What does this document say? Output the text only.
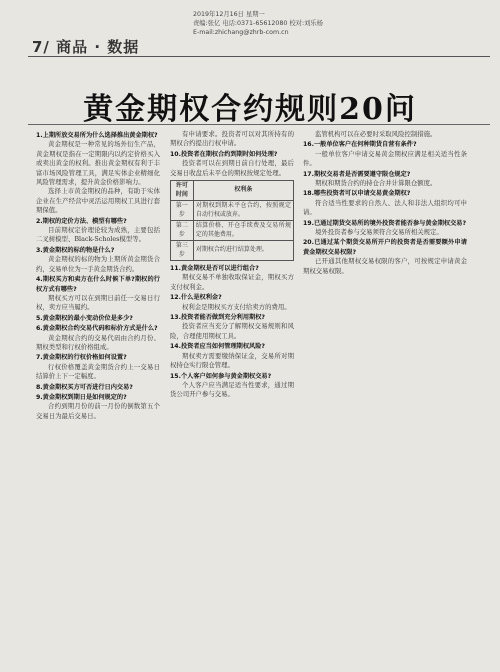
7/ 商品 · 数据
2019年12月16日 星期一
责编:张亿 电话:0371-65612080 校对:刘乐杨
E-mail:zhichang@zhrb-com.cn
黄金期权合约规则20问

1.上期所放交易所为什么选择推出黄金期权?

黄金期权是一种常见的场外衍生产品，黄金期权是指在一定期限内以约定价格买入或卖出黄金的权利。推出黄金期权有利于丰富市场风险管理工具，满足实体企业精细化风险管理需求，提升黄金价格影响力。

选择上市黄金期权的品种，有助于实体企业在生产经营中灵活运用期权工具进行套期保值。

2.期权的定价方法、模型有哪些?

目前期权定价理论较为成熟，主要包括二叉树模型、Black-Scholes模型等。

3.黄金期权的标的物是什么?

黄金期权的标的物为上期所黄金期货合约，交易单位为一手黄金期货合约。

4.期权买方和卖方在什么时候下单?期权的行权方式有哪些?

期权买方可以在到期日前任一交易日行权，卖方应当履约。

5.黄金期权的最小变动价位是多少?

6.黄金期权合约交易代码和标价方式是什么?

黄金期权合约的交易代码由合约月份、期权类型和行权价格组成。

7.黄金期权的行权价格如何设置?

行权价格覆盖黄金期货合约上一交易日结算价上下一定幅度。

8.黄金期权买方可否进行日内交易?

9.黄金期权到期日是如何规定的?

合约到期月份的前一月份的倒数第五个交易日为最后交易日。

有申请要求。投资者可以对其所持有的期权合约提出行权申请。

10.投资者在期权合约到期时如何处理?

投资者可以在到期日前自行处理，最后交易日收盘后未平仓的期权按规定处理。

许可时间	权利条
第一步	对期权到期未平仓合约，按照规定自动行权或放弃。
第二步	结算价格、开仓手续费及交易所规定的其他费用。
第三步	对期权合约进行结算处理。

11.黄金期权是否可以进行组合?

期权交易不单独收取保证金，期权买方支付权利金。

12.什么是权利金?

权利金是期权买方支付给卖方的费用。

13.投资者能否做到充分利用期权?

投资者应当充分了解期权交易规则和风险，合理使用期权工具。

14.投资者应当如何管理期权风险?

期权卖方需要缴纳保证金，交易所对期权持仓实行限仓管理。

15.个人客户如何参与黄金期权交易?

个人客户应当满足适当性要求，通过期货公司开户参与交易。

监管机构可以在必要时采取风险控制措施。

16.一般单位客户在何种期货自营有条件?

一般单位客户申请交易黄金期权应满足相关适当性条件。

17.期权交易者是否需要遵守限仓规定?

期权和期货合约的持仓合并计算限仓额度。

18.哪些投资者可以申请交易黄金期权?

符合适当性要求的自然人、法人和非法人组织均可申请。

19.已通过期货交易所的境外投资者能否参与黄金期权交易?

境外投资者参与交易须符合交易所相关规定。

20.已通过某个期货交易所开户的投资者是否需要额外申请黄金期权交易权限?

已开通其他期权交易权限的客户，可按规定申请黄金期权交易权限。
